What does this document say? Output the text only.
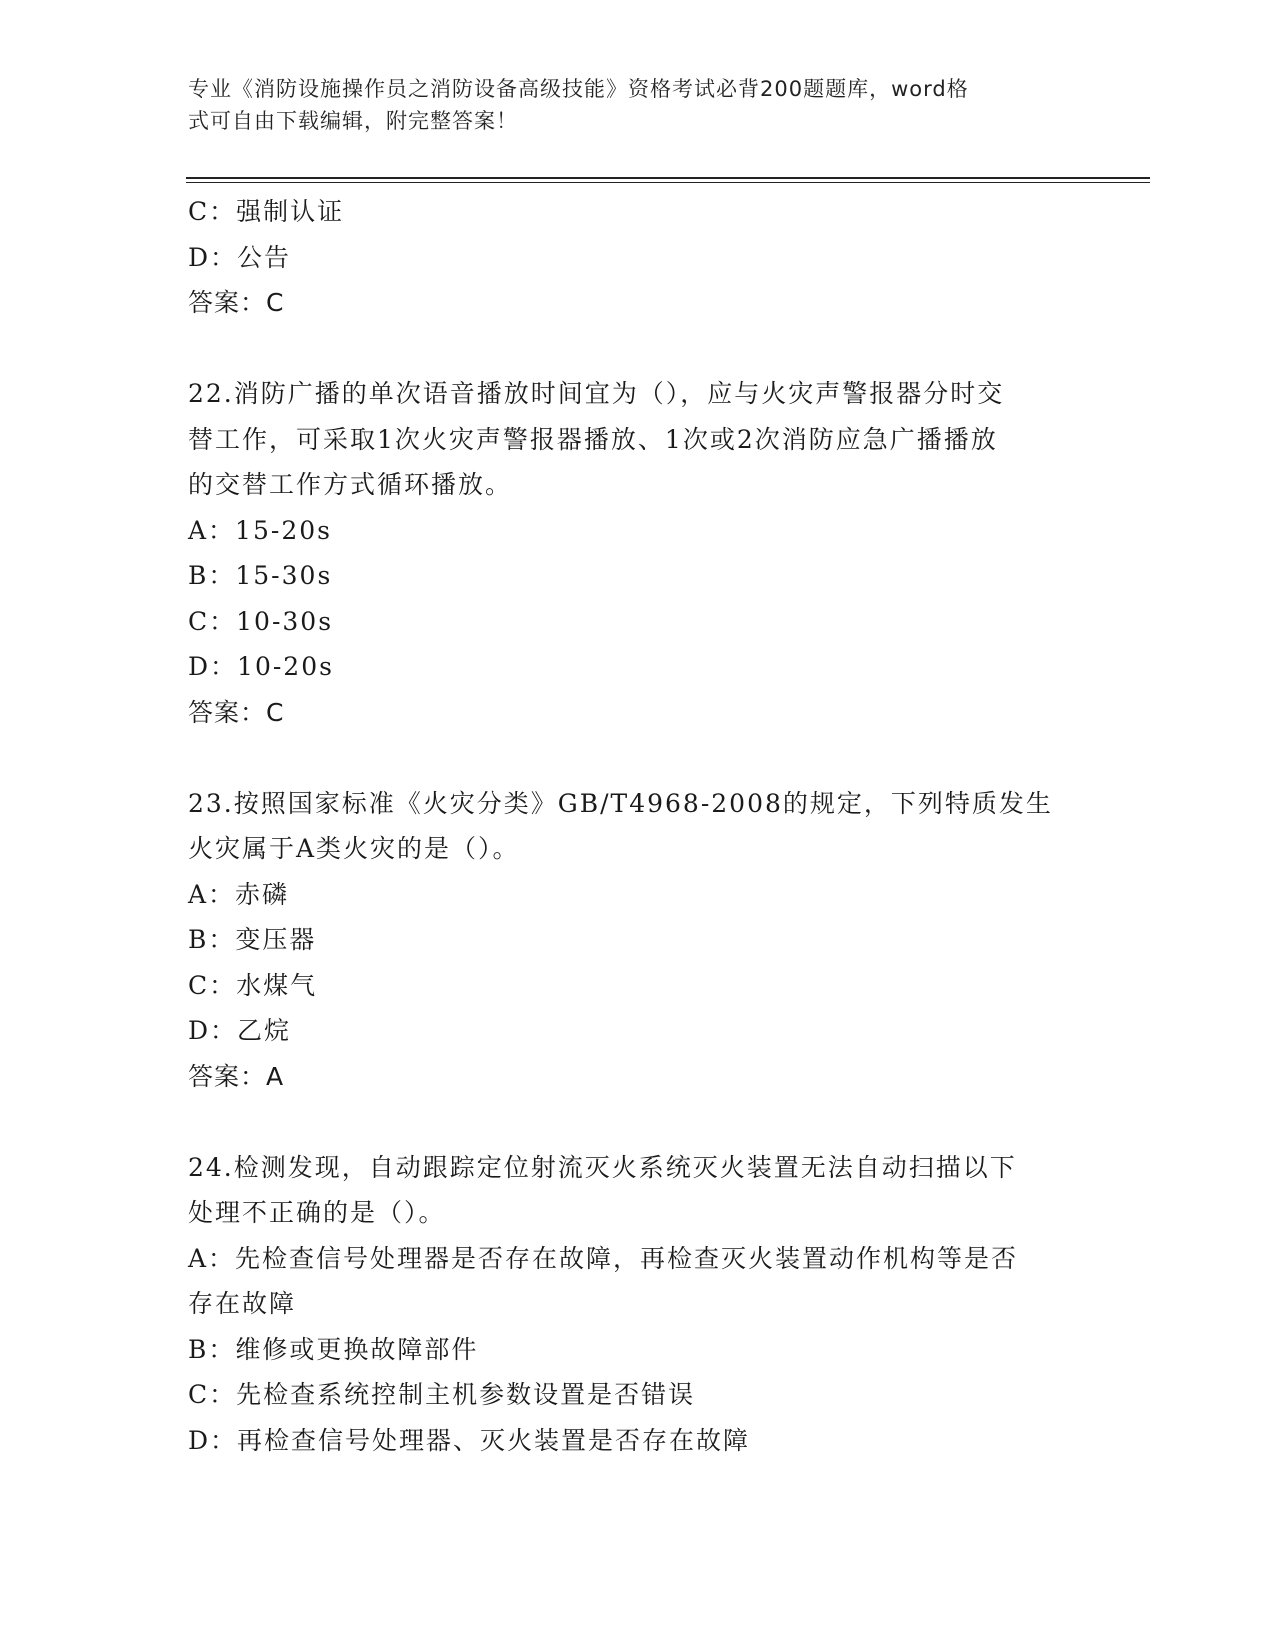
专业《消防设施操作员之消防设备高级技能》资格考试必背200题题库，word格
式可自由下载编辑，附完整答案！
C：强制认证
D：公告
答案：C
22.消防广播的单次语音播放时间宜为（），应与火灾声警报器分时交
替工作，可采取1次火灾声警报器播放、1次或2次消防应急广播播放
的交替工作方式循环播放。
A：15-20s
B：15-30s
C：10-30s
D：10-20s
答案：C
23.按照国家标准《火灾分类》GB/T4968-2008的规定，下列特质发生
火灾属于A类火灾的是（）。
A：赤磷
B：变压器
C：水煤气
D：乙烷
答案：A
24.检测发现，自动跟踪定位射流灭火系统灭火装置无法自动扫描以下
处理不正确的是（）。
A：先检查信号处理器是否存在故障，再检查灭火装置动作机构等是否
存在故障
B：维修或更换故障部件
C：先检查系统控制主机参数设置是否错误
D：再检查信号处理器、灭火装置是否存在故障
